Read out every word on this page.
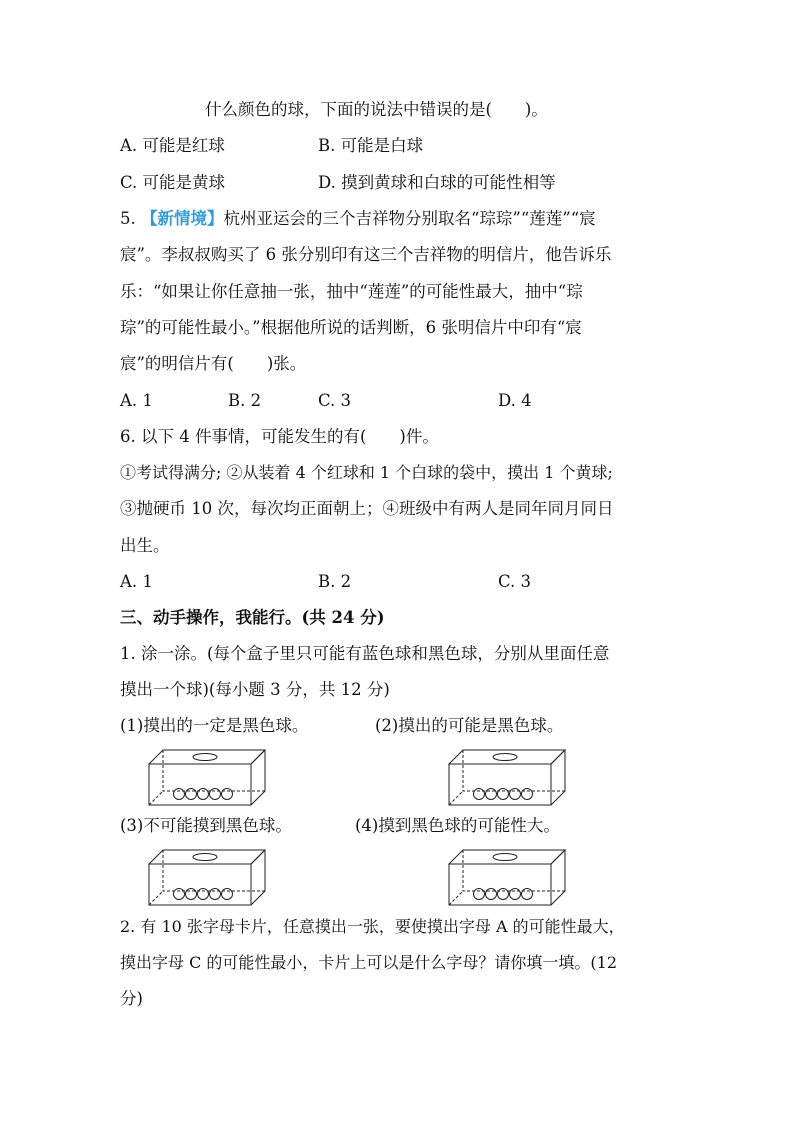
什么颜色的球，下面的说法中错误的是(　　)。
A. 可能是红球	B. 可能是白球
C. 可能是黄球	D. 摸到黄球和白球的可能性相等
5. 【新情境】杭州亚运会的三个吉祥物分别取名“琮琮”“莲莲”“宸
宸”。李叔叔购买了 6 张分别印有这三个吉祥物的明信片，他告诉乐
乐：“如果让你任意抽一张，抽中“莲莲”的可能性最大，抽中“琮
琮”的可能性最小。”根据他所说的话判断，6 张明信片中印有“宸
宸”的明信片有(　　)张。
A. 1	B. 2	C. 3	D. 4
6. 以下 4 件事情，可能发生的有(　　)件。
①考试得满分; ②从装着 4 个红球和 1 个白球的袋中，摸出 1 个黄球;
③抛硬币 10 次，每次均正面朝上；④班级中有两人是同年同月同日
出生。
A. 1	B. 2	C. 3
三、动手操作，我能行。(共 24 分)
1. 涂一涂。(每个盒子里只可能有蓝色球和黑色球，分别从里面任意
摸出一个球)(每小题 3 分，共 12 分)
(1)摸出的一定是黑色球。	(2)摸出的可能是黑色球。
(3)不可能摸到黑色球。	(4)摸到黑色球的可能性大。
2. 有 10 张字母卡片，任意摸出一张，要使摸出字母 A 的可能性最大，
摸出字母 C 的可能性最小，卡片上可以是什么字母？请你填一填。(12
分)
